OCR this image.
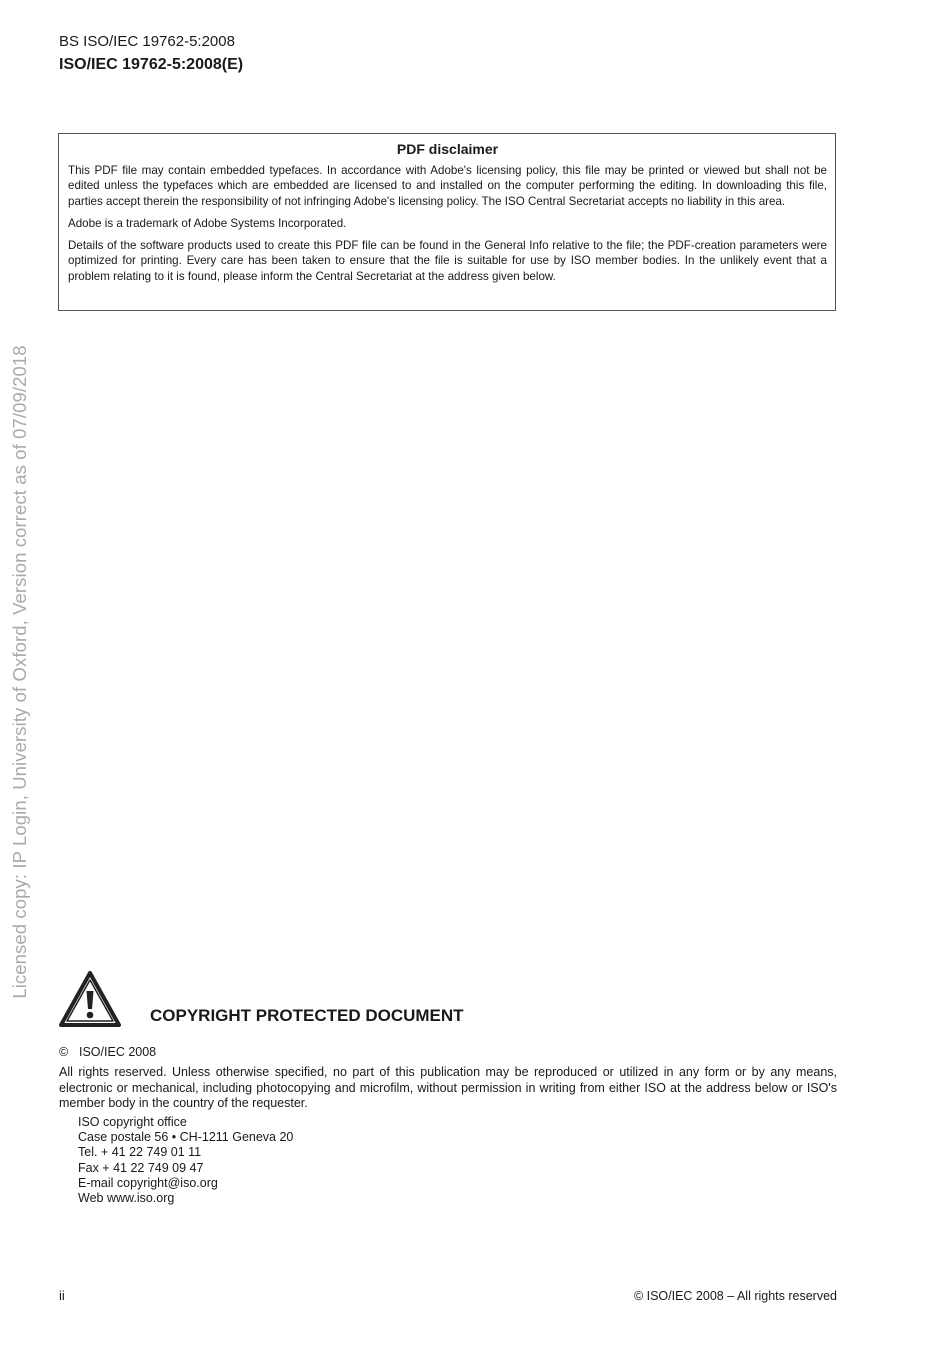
BS ISO/IEC 19762-5:2008
ISO/IEC 19762-5:2008(E)
PDF disclaimer

This PDF file may contain embedded typefaces. In accordance with Adobe's licensing policy, this file may be printed or viewed but shall not be edited unless the typefaces which are embedded are licensed to and installed on the computer performing the editing. In downloading this file, parties accept therein the responsibility of not infringing Adobe's licensing policy. The ISO Central Secretariat accepts no liability in this area.

Adobe is a trademark of Adobe Systems Incorporated.

Details of the software products used to create this PDF file can be found in the General Info relative to the file; the PDF-creation parameters were optimized for printing. Every care has been taken to ensure that the file is suitable for use by ISO member bodies. In the unlikely event that a problem relating to it is found, please inform the Central Secretariat at the address given below.

Licensed copy: IP Login, University of Oxford, Version correct as of 07/09/2018
COPYRIGHT PROTECTED DOCUMENT
© ISO/IEC 2008

All rights reserved. Unless otherwise specified, no part of this publication may be reproduced or utilized in any form or by any means, electronic or mechanical, including photocopying and microfilm, without permission in writing from either ISO at the address below or ISO's member body in the country of the requester.

ISO copyright office
Case postale 56 • CH-1211 Geneva 20
Tel. + 41 22 749 01 11
Fax + 41 22 749 09 47
E-mail copyright@iso.org
Web www.iso.org
ii	© ISO/IEC 2008 – All rights reserved
